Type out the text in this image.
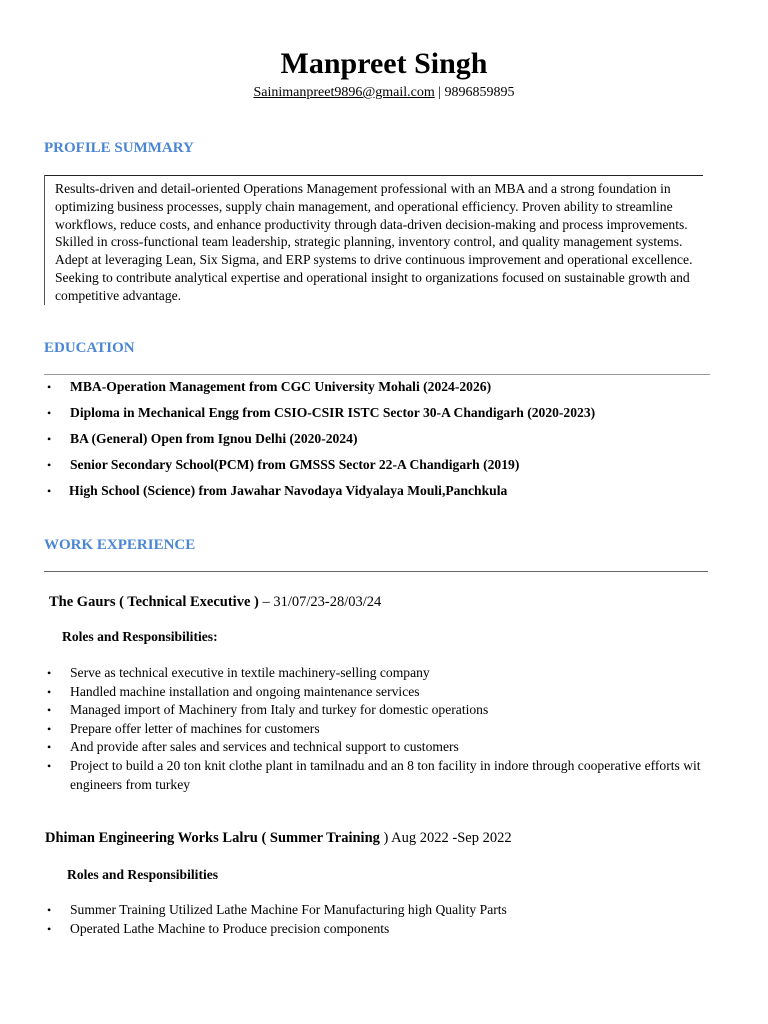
Manpreet Singh
Sainimanpreet9896@gmail.com | 9896859895
PROFILE SUMMARY
Results-driven and detail-oriented Operations Management professional with an MBA and a strong foundation in
optimizing business processes, supply chain management, and operational efficiency. Proven ability to streamline
workflows, reduce costs, and enhance productivity through data-driven decision-making and process improvements.
Skilled in cross-functional team leadership, strategic planning, inventory control, and quality management systems.
Adept at leveraging Lean, Six Sigma, and ERP systems to drive continuous improvement and operational excellence.
Seeking to contribute analytical expertise and operational insight to organizations focused on sustainable growth and
competitive advantage.
EDUCATION
• MBA-Operation Management from CGC University Mohali (2024-2026)
• Diploma in Mechanical Engg from CSIO-CSIR ISTC Sector 30-A Chandigarh (2020-2023)
• BA (General) Open from Ignou Delhi (2020-2024)
• Senior Secondary School(PCM) from GMSSS Sector 22-A Chandigarh (2019)
• High School (Science) from Jawahar Navodaya Vidyalaya Mouli,Panchkula
WORK EXPERIENCE
The Gaurs ( Technical Executive ) – 31/07/23-28/03/24
Roles and Responsibilities:
• Serve as technical executive in textile machinery-selling company
• Handled machine installation and ongoing maintenance services
• Managed import of Machinery from Italy and turkey for domestic operations
• Prepare offer letter of machines for customers
• And provide after sales and services and technical support to customers
• Project to build a 20 ton knit clothe plant in tamilnadu and an 8 ton facility in indore through cooperative efforts wit
engineers from turkey
Dhiman Engineering Works Lalru ( Summer Training ) Aug 2022 -Sep 2022
Roles and Responsibilities
• Summer Training Utilized Lathe Machine For Manufacturing high Quality Parts
• Operated Lathe Machine to Produce precision components
